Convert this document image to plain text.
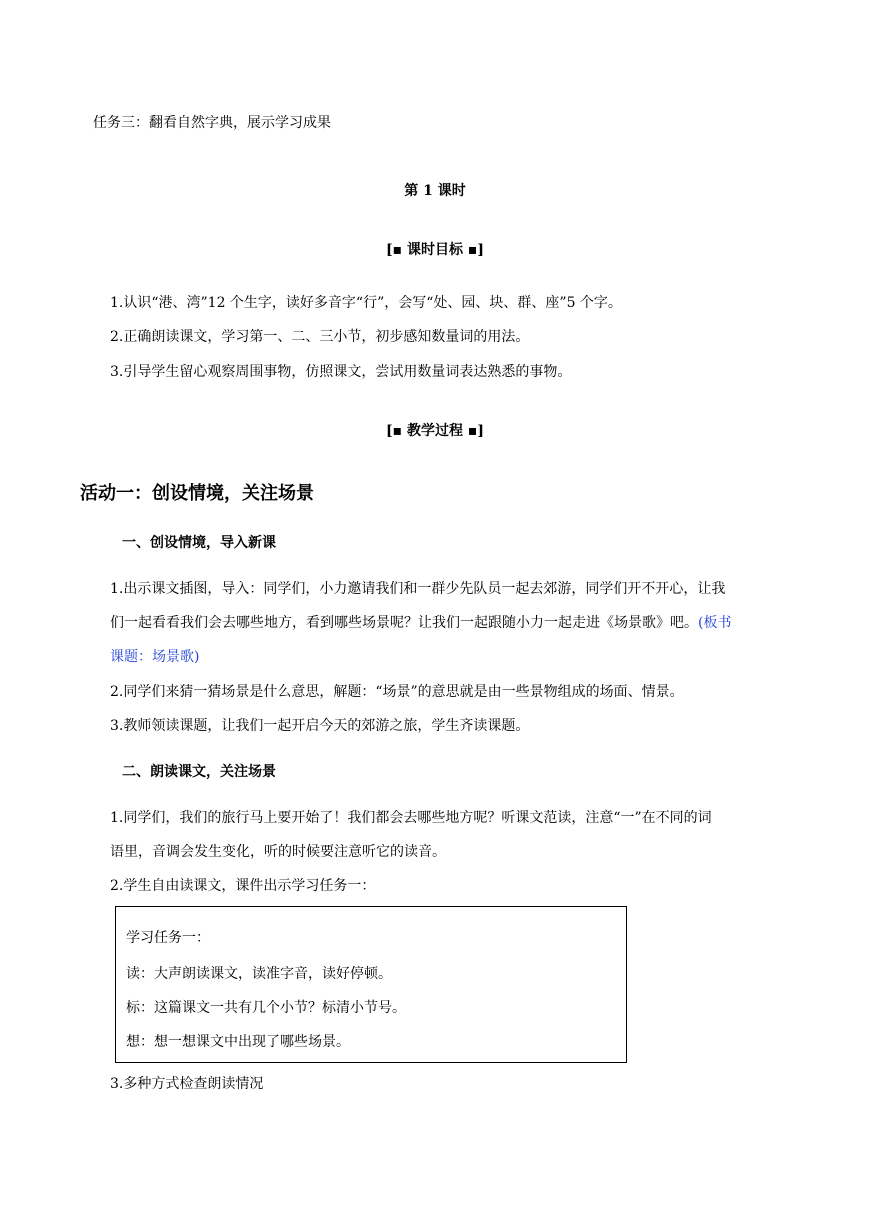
任务三：翻看自然字典，展示学习成果
第 1 课时
[▪ 课时目标 ▪]
1.认识“港、湾”12 个生字，读好多音字“行”，会写“处、园、块、群、座”5 个字。
2.正确朗读课文，学习第一、二、三小节，初步感知数量词的用法。
3.引导学生留心观察周围事物，仿照课文，尝试用数量词表达熟悉的事物。
[▪ 教学过程 ▪]
活动一：创设情境，关注场景
一、创设情境，导入新课
1.出示课文插图，导入：同学们，小力邀请我们和一群少先队员一起去郊游，同学们开不开心，让我
们一起看看我们会去哪些地方，看到哪些场景呢？让我们一起跟随小力一起走进《场景歌》吧。(板书
课题：场景歌)
2.同学们来猜一猜场景是什么意思，解题：“场景”的意思就是由一些景物组成的场面、情景。
3.教师领读课题，让我们一起开启今天的郊游之旅，学生齐读课题。
二、朗读课文，关注场景
1.同学们，我们的旅行马上要开始了！我们都会去哪些地方呢？听课文范读，注意“一”在不同的词
语里，音调会发生变化，听的时候要注意听它的读音。
2.学生自由读课文，课件出示学习任务一：
学习任务一：
读：大声朗读课文，读准字音，读好停顿。
标：这篇课文一共有几个小节？标清小节号。
想：想一想课文中出现了哪些场景。
3.多种方式检查朗读情况
